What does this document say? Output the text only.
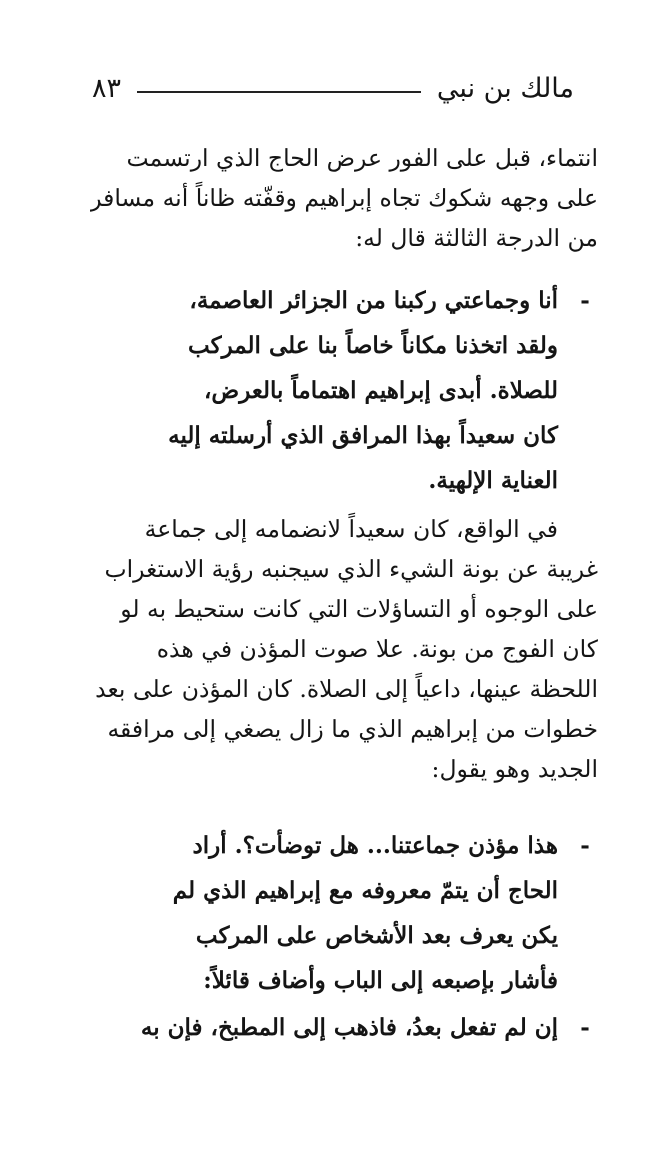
مالك بن نبي
٨٣
انتماء، قبل على الفور عرض الحاج الذي ارتسمت
على وجهه شكوك تجاه إبراهيم وقفّته ظاناً أنه مسافر
من الدرجة الثالثة قال له:
-أنا وجماعتي ركبنا من الجزائر العاصمة،
ولقد اتخذنا مكاناً خاصاً بنا على المركب
للصلاة. أبدى إبراهيم اهتماماً بالعرض،
كان سعيداً بهذا المرافق الذي أرسلته إليه
العناية الإلهية.
في الواقع، كان سعيداً لانضمامه إلى جماعة
غريبة عن بونة الشيء الذي سيجنبه رؤية الاستغراب
على الوجوه أو التساؤلات التي كانت ستحيط به لو
كان الفوج من بونة. علا صوت المؤذن في هذه
اللحظة عينها، داعياً إلى الصلاة. كان المؤذن على بعد
خطوات من إبراهيم الذي ما زال يصغي إلى مرافقه
الجديد وهو يقول:
-هذا مؤذن جماعتنا... هل توضأت؟. أراد
الحاج أن يتمّ معروفه مع إبراهيم الذي لم
يكن يعرف بعد الأشخاص على المركب
فأشار بإصبعه إلى الباب وأضاف قائلاً:
-إن لم تفعل بعدُ، فاذهب إلى المطبخ، فإن به
